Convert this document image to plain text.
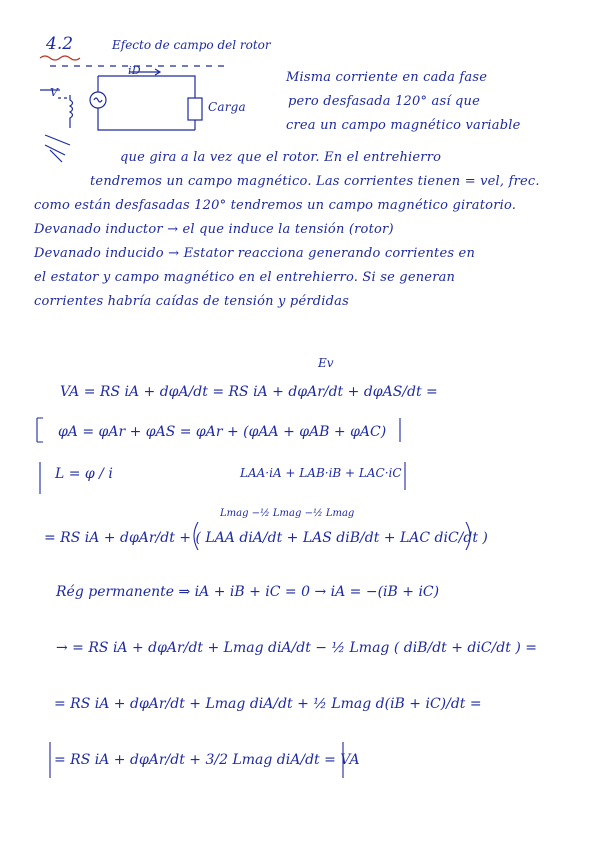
4.2	Efecto de campo del rotor
iD
Carga
V
Misma corriente en cada fase
pero desfasada 120° así que
crea un campo magnético variable
que gira a la vez que el rotor. En el entrehierro
tendremos un campo magnético. Las corrientes tienen = vel, frec.
como están desfasadas 120° tendremos un campo magnético giratorio.
Devanado inductor → el que induce la tensión (rotor)
Devanado inducido → Estator reacciona generando corrientes en
el estator y campo magnético en el entrehierro. Si se generan
corrientes habría caídas de tensión y pérdidas
Ev
VA = RS iA + dφA/dt = RS iA + dφAr/dt + dφAS/dt =
φA = φAr + φAS = φAr + (φAA + φAB + φAC)
L = φ / i	LAA·iA + LAB·iB + LAC·iC
Lmag −½ Lmag −½ Lmag
= RS iA + dφAr/dt + ( LAA diA/dt + LAS diB/dt + LAC diC/dt )
Rég permanente ⇒ iA + iB + iC = 0 → iA = −(iB + iC)
→ = RS iA + dφAr/dt + Lmag diA/dt − ½ Lmag ( diB/dt + diC/dt ) =
= RS iA + dφAr/dt + Lmag diA/dt + ½ Lmag d(iB + iC)/dt =
= RS iA + dφAr/dt + 3/2 Lmag diA/dt = VA
